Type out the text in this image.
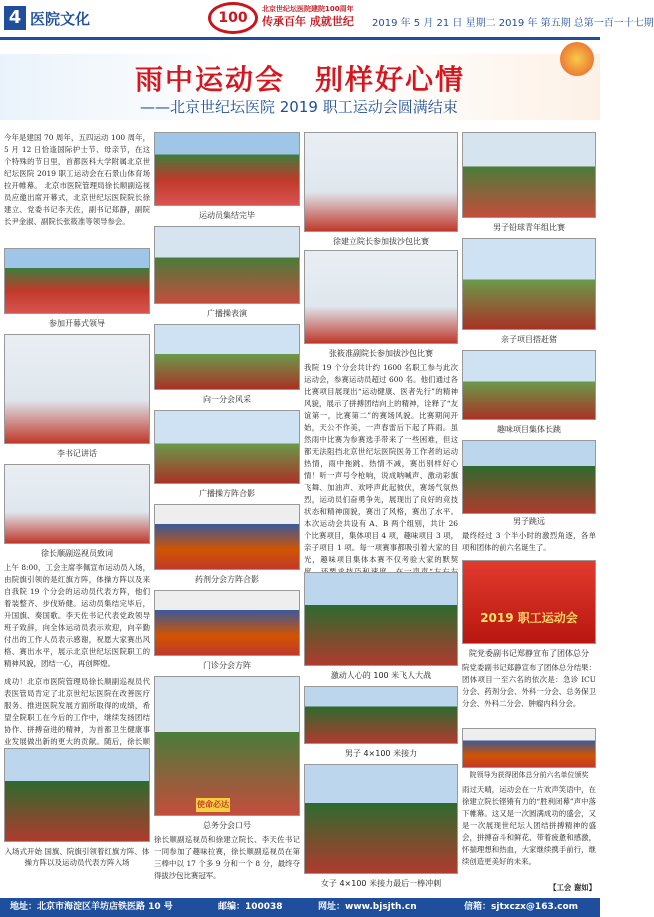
4 医院文化	100
北京世纪坛医院建院100周年
传承百年 成就世纪	2019 年 5 月 21 日 星期二 2019 年 第五期 总第一百一十七期
雨中运动会　别样好心情
——北京世纪坛医院 2019 职工运动会圆满结束
今年是建国 70 周年，五四运动 100 周年，5 月 12 日恰逢国际护士节、母亲节，在这个特殊的节日里，首都医科大学附属北京世纪坛医院 2019 职工运动会在石景山体育场拉开帷幕。 北京市医院管理局徐长顺副巡视员应邀出席开幕式，北京世纪坛医院院长徐建立、党委书记李天佐，副书记郑静，副院长尹金淑、副院长张筱准等领导参会。
参加开幕式领导
李书记讲话
徐长顺副巡视员致词
上午 8:00，工会主席李佩宣布运动员入场，由院旗引领的是红旗方阵，体操方阵以及来自我院 19 个分会的运动员代表方阵，他们着装整齐、步伐矫健。运动员集结完毕后，升国旗、奏国歌。李天佐书记代表党政领导班子致辞，向全体运动员表示欢迎，向辛勤付出的工作人员表示感谢，祝愿大家赛出风格、赛出水平，展示北京世纪坛医院职工的精神风貌，团结一心，再创辉煌。
成功！北京市医院管理局徐长顺副巡视员代表医管局肯定了北京世纪坛医院在改善医疗服务、推进医院发展方面所取得的成绩，希望全院职工在今后的工作中，继续发扬团结协作、拼搏奋进的精神，为首都卫生健康事业发展做出新的更大的贡献。随后，徐长顺
入场式开始 国旗、院旗引领着红旗方阵、体操方阵以及运动员代表方阵入场
运动员集结完毕
广播操表演
向一分会风采
广播操方阵合影
药剂分会方阵合影
门诊分会方阵
使命必达
总务分会口号
徐长顺副巡视员和徐建立院长、李天佐书记一同参加了趣味拉赛，徐长顺副巡视员在第三棒中以 17 个多 9 分和一个 8 分，最终夺得拔沙包比赛冠军。
徐建立院长参加拔沙包比赛
张筱准副院长参加拔沙包比赛
我院 19 个分会共计约 1600 名职工参与此次运动会，参赛运动员超过 600 名。他们通过各比赛项目展现出“运动健康、医者先行”的精神风貌，展示了拼搏团结向上的精神，诠释了“友谊第一，比赛第二”的赛场风貌。比赛期间开始，天公不作美，一声春雷后下起了阵雨。虽然雨中比赛为参赛选手带来了一些困难，但这都无法阻挡北京世纪坛医院医务工作者的运动热情，雨中拖跳、热情不减，赛出别样好心情！听一声号令枪响，说成呐喊声、激动彩旗飞舞、加油声、欢呼声此起彼伏，赛场气氛热烈，运动员们奋勇争先，展现出了良好的竞技状态和精神面貌，赛出了风格，赛出了水平。 本次运动会共设有 A、B 两个组别，共计 26 个比赛项目，集体项目 4 项，趣味项目 3 项，亲子项目 1 项。每一项赛事都吸引着大家的目光，趣味项目集体本赛不仅考验大家的默契
激动人心的 100 米飞人大战
男子 4×100 米接力
女子 4×100 米接力最后一棒冲刺
男子铅球青年组比赛
亲子项目搭赶猪
趣味项目集体长跳
男子跳远
最终经过 3 个半小时的激烈角逐，各单项和团体的前六名诞生了。
2019 职工运动会
院党委副书记郑静宣布了团体总分
院党委副书记郑静宣布了团体总分结果：团体项目一至六名的依次是：急诊 ICU 分会、药剂分会、外科一分会、总务保卫分会、外科二分会、肿瘤内科分会。
院领导为获得团体总分前六名单位颁奖
雨过天晴，运动会在一片欢声笑语中，在徐建立院长铿锵有力的“胜利闭幕”声中落下帷幕。这又是一次圆满成功的盛会，又是一次展现世纪坛人团结拼搏精神的盛会，拼搏奋斗和鲜花、带着疲惫和感激，怀揣理想和热血，大家继续携手前行，继续创造更美好的未来。
【工会 谢如】
地址：北京市海淀区羊坊店铁医路 10 号	邮编：100038	网址：www.bjsjth.cn	信箱：sjtxczx@163.com
